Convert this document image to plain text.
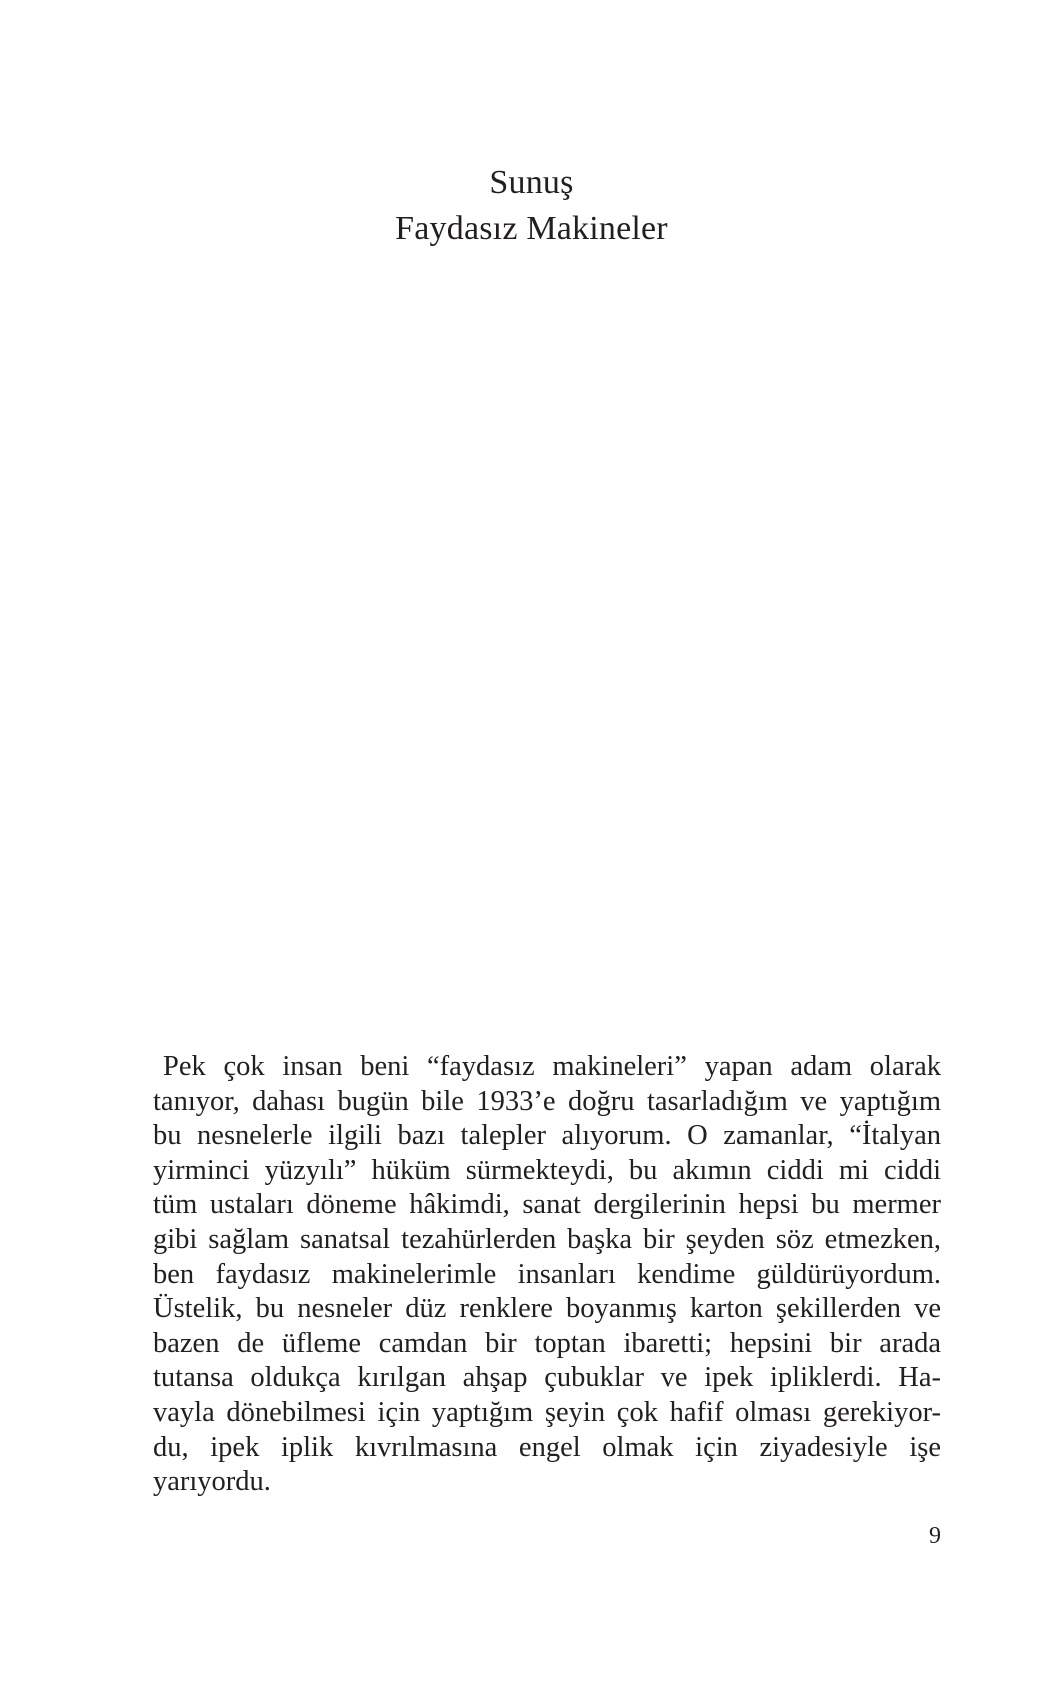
Sunuş
Faydasız Makineler
Pek çok insan beni “faydasız makineleri” yapan adam olarak
tanıyor, dahası bugün bile 1933’e doğru tasarladığım ve yaptığım
bu nesnelerle ilgili bazı talepler alıyorum. O zamanlar, “İtalyan
yirminci yüzyılı” hüküm sürmekteydi, bu akımın ciddi mi ciddi
tüm ustaları döneme hâkimdi, sanat dergilerinin hepsi bu mermer
gibi sağlam sanatsal tezahürlerden başka bir şeyden söz etmezken,
ben faydasız makinelerimle insanları kendime güldürüyordum.
Üstelik, bu nesneler düz renklere boyanmış karton şekillerden ve
bazen de üfleme camdan bir toptan ibaretti; hepsini bir arada
tutansa oldukça kırılgan ahşap çubuklar ve ipek ipliklerdi. Ha-
vayla dönebilmesi için yaptığım şeyin çok hafif olması gerekiyor-
du, ipek iplik kıvrılmasına engel olmak için ziyadesiyle işe
yarıyordu.
9
